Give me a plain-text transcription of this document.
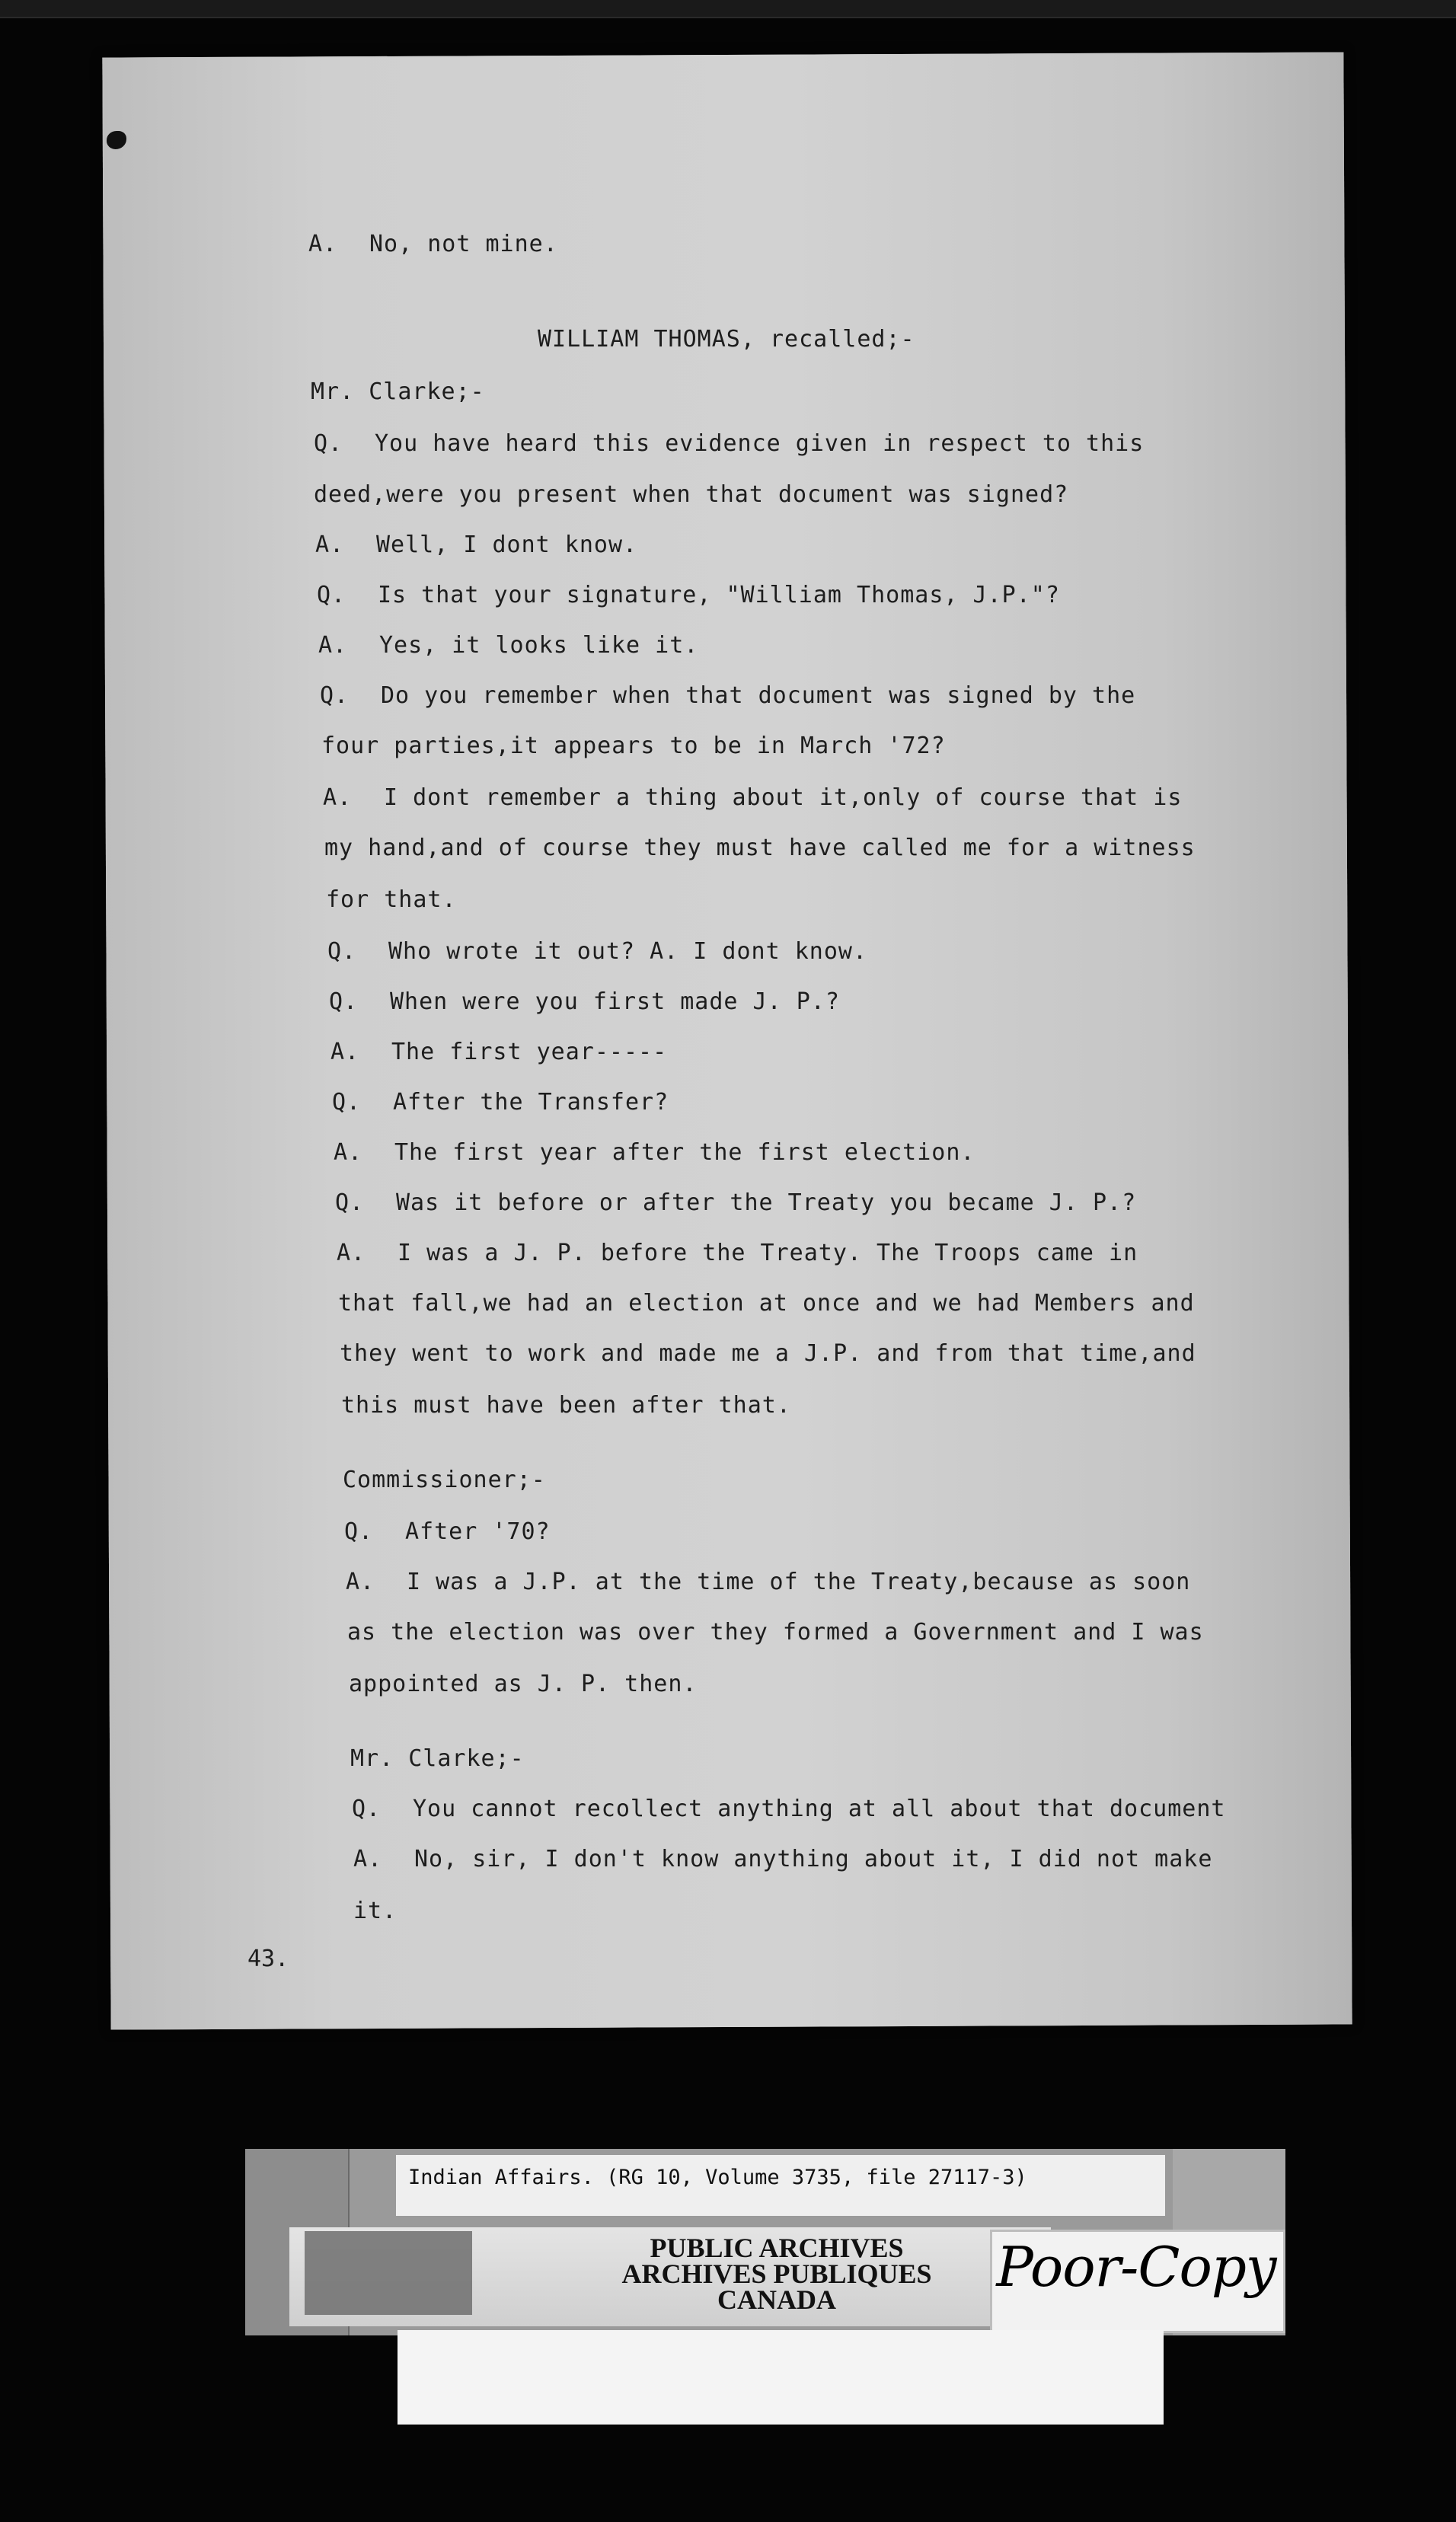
A. No, not mine.
WILLIAM THOMAS, recalled;-
Mr. Clarke;-
Q. You have heard this evidence given in respect to this
deed,were you present when that document was signed?
A. Well, I dont know.
Q. Is that your signature, "William Thomas, J.P."?
A. Yes, it looks like it.
Q. Do you remember when that document was signed by the
four parties,it appears to be in March '72?
A. I dont remember a thing about it,only of course that is
my hand,and of course they must have called me for a witness
for that.
Q. Who wrote it out? A. I dont know.
Q. When were you first made J. P.?
A. The first year-----
Q. After the Transfer?
A. The first year after the first election.
Q. Was it before or after the Treaty you became J. P.?
A. I was a J. P. before the Treaty. The Troops came in
that fall,we had an election at once and we had Members and
they went to work and made me a J.P. and from that time,and
this must have been after that.
Commissioner;-
Q. After '70?
A. I was a J.P. at the time of the Treaty,because as soon
as the election was over they formed a Government and I was
appointed as J. P. then.
Mr. Clarke;-
Q. You cannot recollect anything at all about that document
A. No, sir, I don't know anything about it, I did not make
it.
43.
Indian Affairs. (RG 10, Volume 3735, file 27117-3)
PUBLIC ARCHIVES
ARCHIVES PUBLIQUES
CANADA
Poor-Copy
